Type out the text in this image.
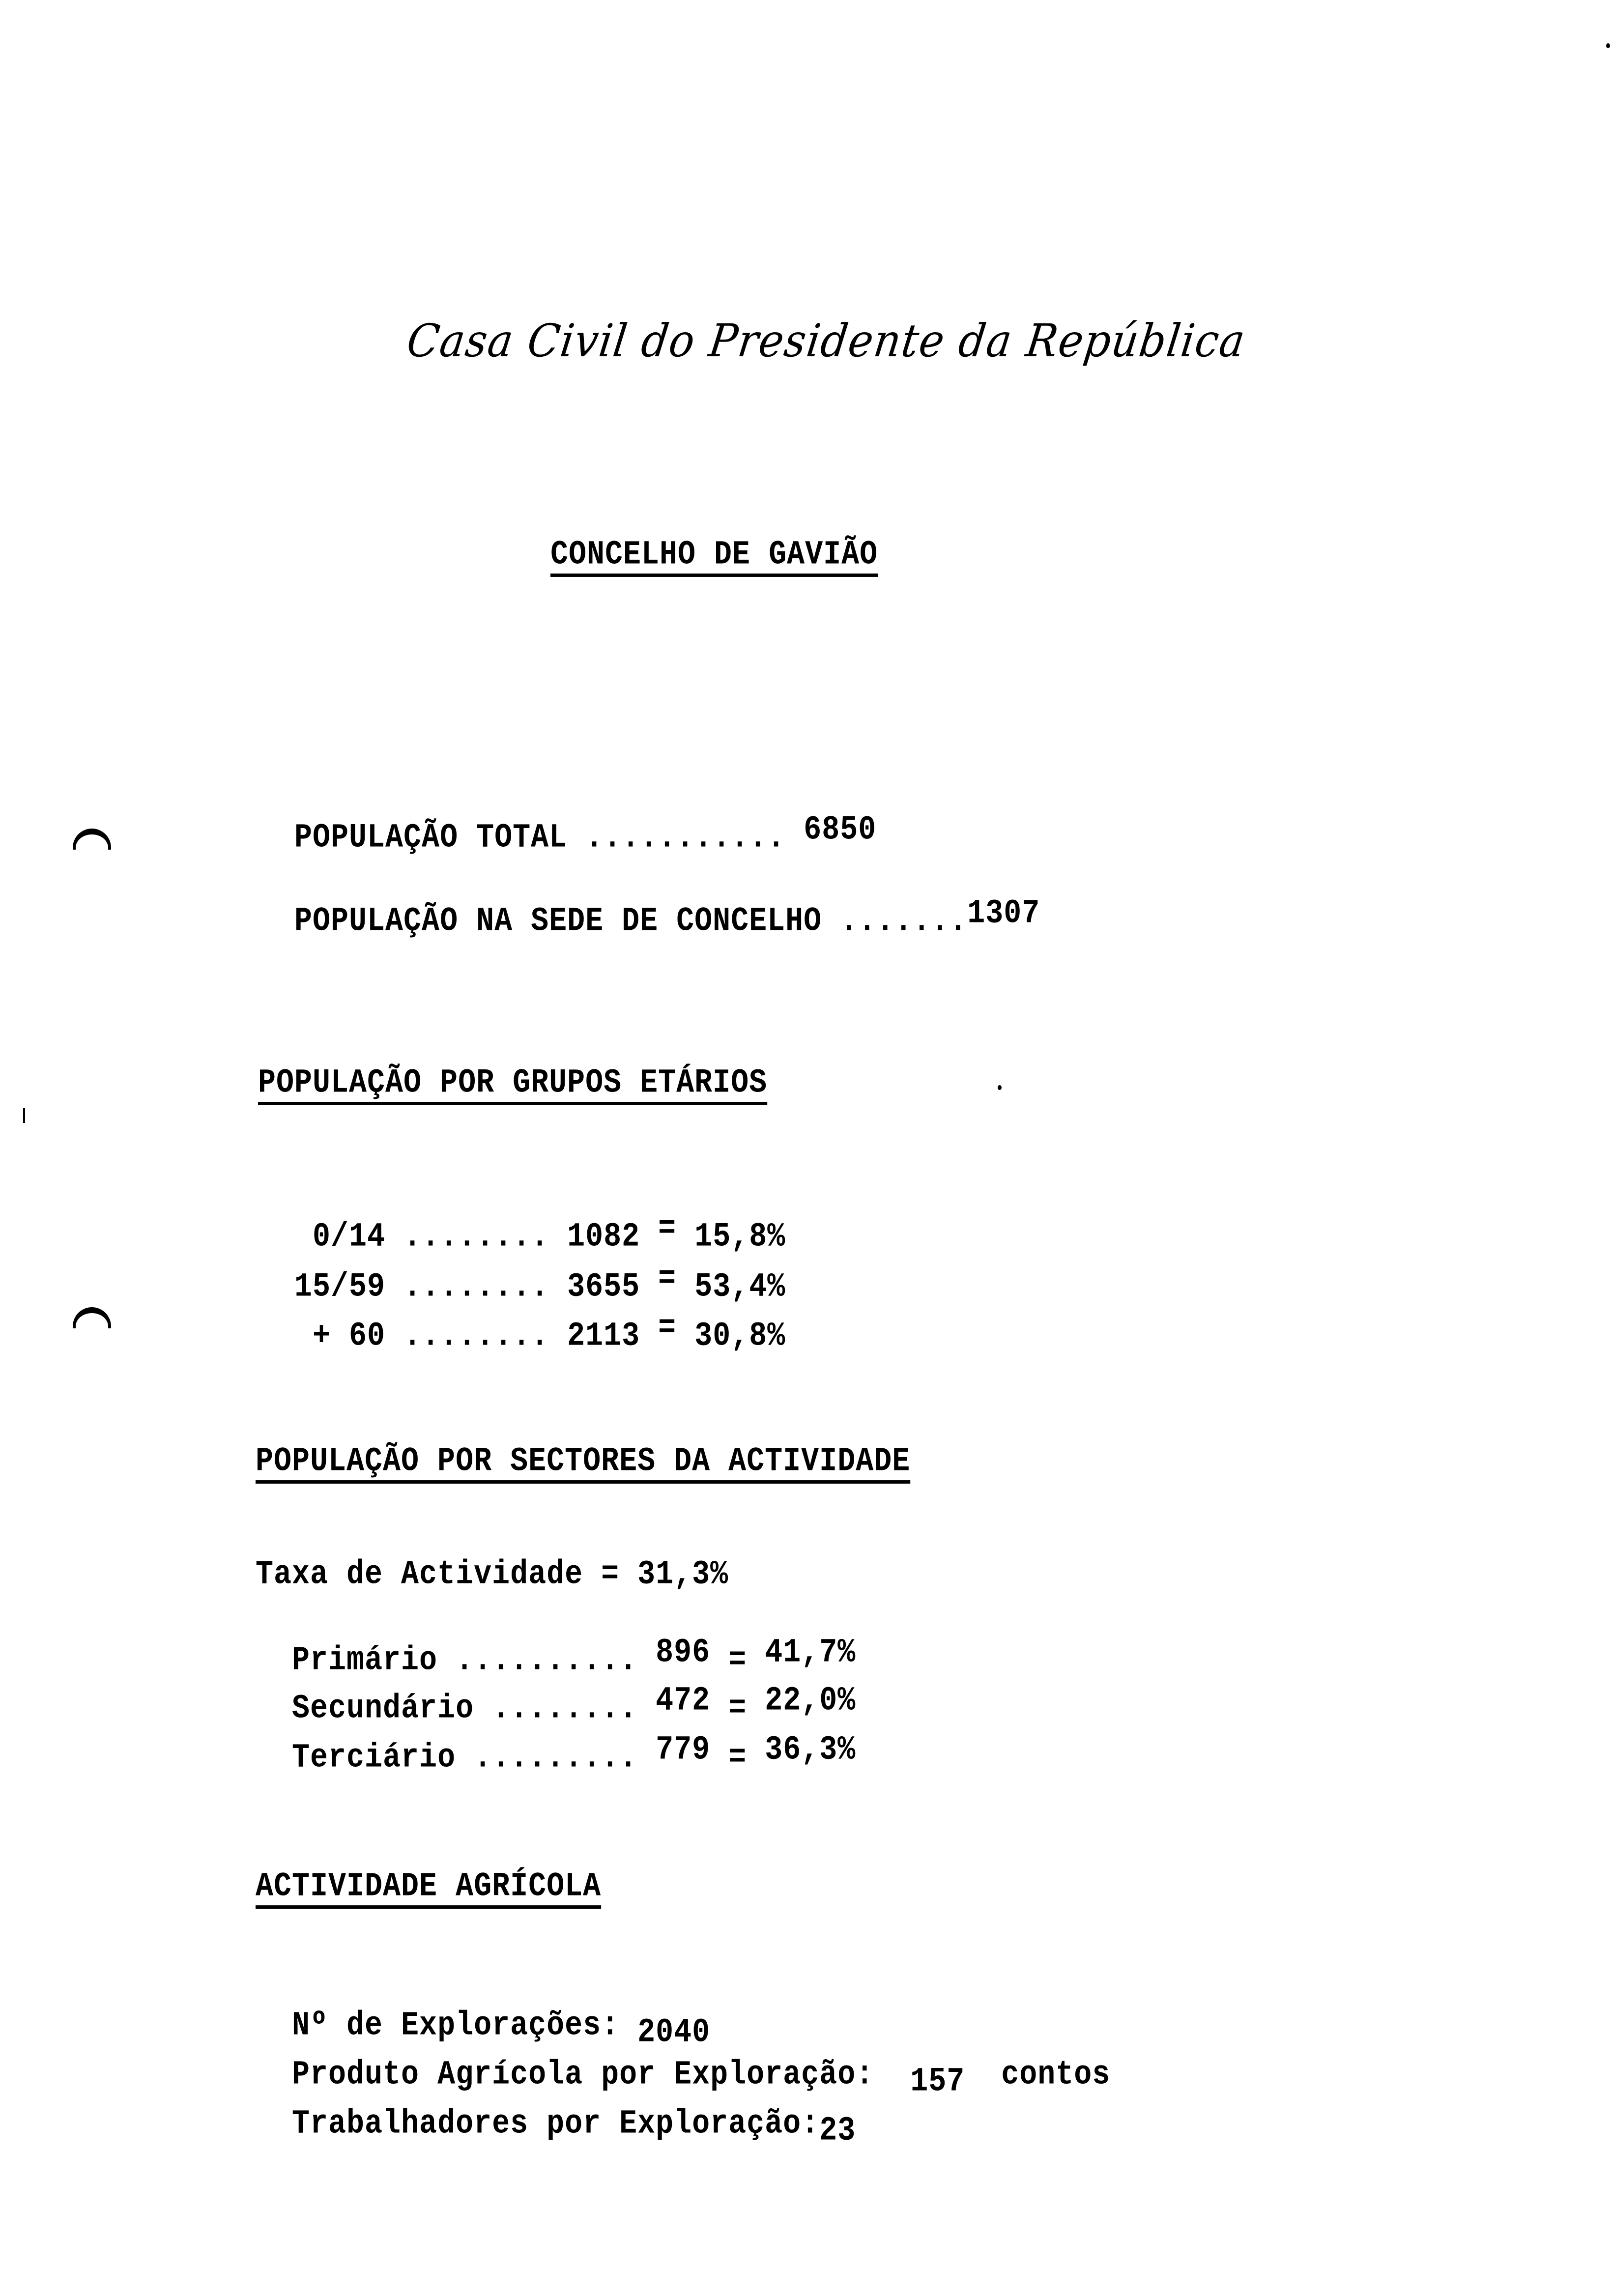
Casa Civil do Presidente da República
CONCELHO DE GAVIÃO

POPULAÇÃO TOTAL ........... 6850

POPULAÇÃO NA SEDE DE CONCELHO .......1307

POPULAÇÃO POR GRUPOS ETÁRIOS

0/14 ........ 1082 = 15,8%

15/59 ........ 3655 = 53,4%

+ 60 ........ 2113 = 30,8%

POPULAÇÃO POR SECTORES DA ACTIVIDADE
Taxa de Actividade = 31,3%

Primário .......... 896 = 41,7%

Secundário ........ 472 = 22,0%

Terciário ......... 779 = 36,3%

ACTIVIDADE AGRÍCOLA

Nº de Explorações: 2040

Produto Agrícola por Exploração: 157 contos

Trabalhadores por Exploração:23
